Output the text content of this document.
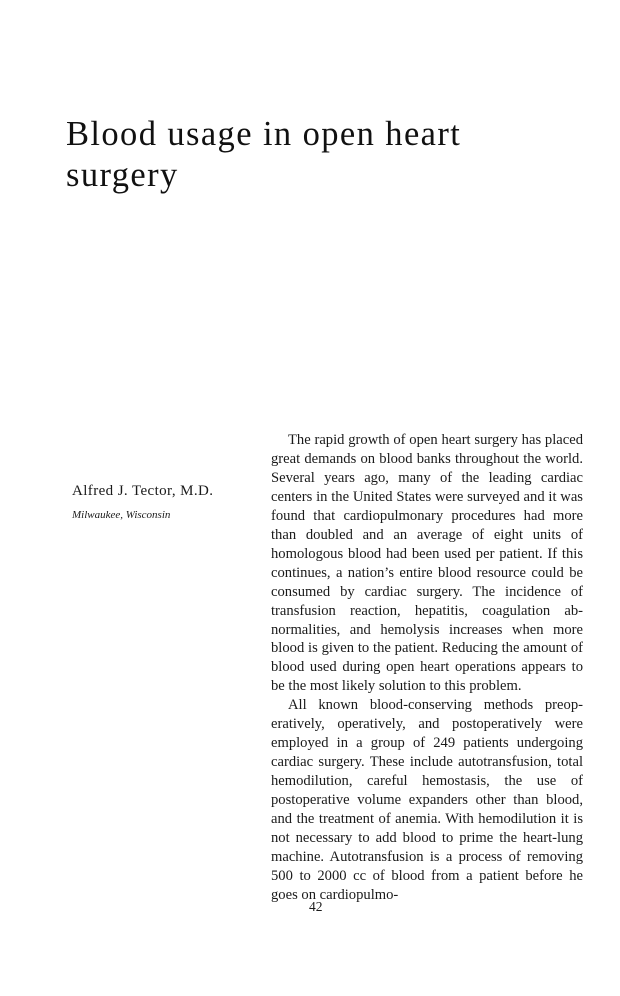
Blood usage in open heart surgery
Alfred J. Tector, M.D.
Milwaukee, Wisconsin

The rapid growth of open heart surgery has placed great demands on blood banks throughout the world. Several years ago, many of the leading cardiac centers in the United States were surveyed and it was found that cardiopulmonary procedures had more than doubled and an average of eight units of homologous blood had been used per patient. If this continues, a nation’s entire blood resource could be consumed by cardiac surgery. The incidence of transfusion reaction, hepatitis, coagulation abnormalities, and hemolysis increases when more blood is given to the patient. Reducing the amount of blood used during open heart operations appears to be the most likely solution to this problem.

All known blood-conserving methods preoperatively, operatively, and postoperatively were employed in a group of 249 patients undergoing cardiac surgery. These include autotransfusion, total hemodilution, careful hemostasis, the use of postoperative volume expanders other than blood, and the treatment of anemia. With hemodilution it is not necessary to add blood to prime the heart-lung machine. Autotransfusion is a process of removing 500 to 2000 cc of blood from a patient before he goes on cardiopulmo-

42
